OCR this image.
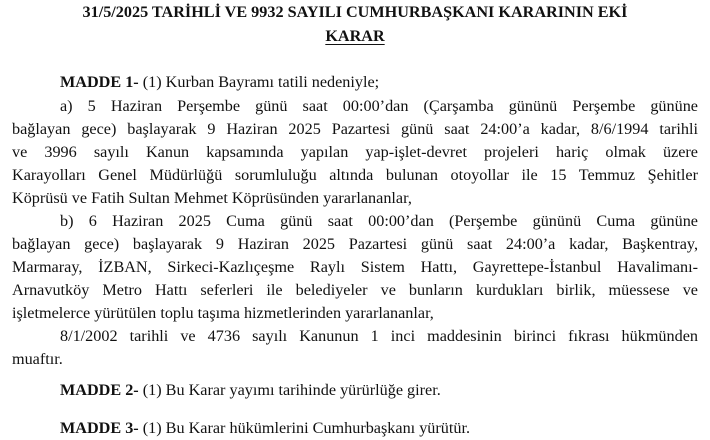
31/5/2025 TARİHLİ VE 9932 SAYILI CUMHURBAŞKANI KARARININ EKİ
KARAR
MADDE 1- (1) Kurban Bayramı tatili nedeniyle;
a) 5 Haziran Perşembe günü saat 00:00’dan (Çarşamba gününü Perşembe gününe
bağlayan gece) başlayarak 9 Haziran 2025 Pazartesi günü saat 24:00’a kadar, 8/6/1994 tarihli
ve 3996 sayılı Kanun kapsamında yapılan yap-işlet-devret projeleri hariç olmak üzere
Karayolları Genel Müdürlüğü sorumluluğu altında bulunan otoyollar ile 15 Temmuz Şehitler
Köprüsü ve Fatih Sultan Mehmet Köprüsünden yararlananlar,
b) 6 Haziran 2025 Cuma günü saat 00:00’dan (Perşembe gününü Cuma gününe
bağlayan gece) başlayarak 9 Haziran 2025 Pazartesi günü saat 24:00’a kadar, Başkentray,
Marmaray, İZBAN, Sirkeci-Kazlıçeşme Raylı Sistem Hattı, Gayrettepe-İstanbul Havalimanı-
Arnavutköy Metro Hattı seferleri ile belediyeler ve bunların kurdukları birlik, müessese ve
işletmelerce yürütülen toplu taşıma hizmetlerinden yararlananlar,
8/1/2002 tarihli ve 4736 sayılı Kanunun 1 inci maddesinin birinci fıkrası hükmünden
muaftır.
MADDE 2- (1) Bu Karar yayımı tarihinde yürürlüğe girer.
MADDE 3- (1) Bu Karar hükümlerini Cumhurbaşkanı yürütür.
